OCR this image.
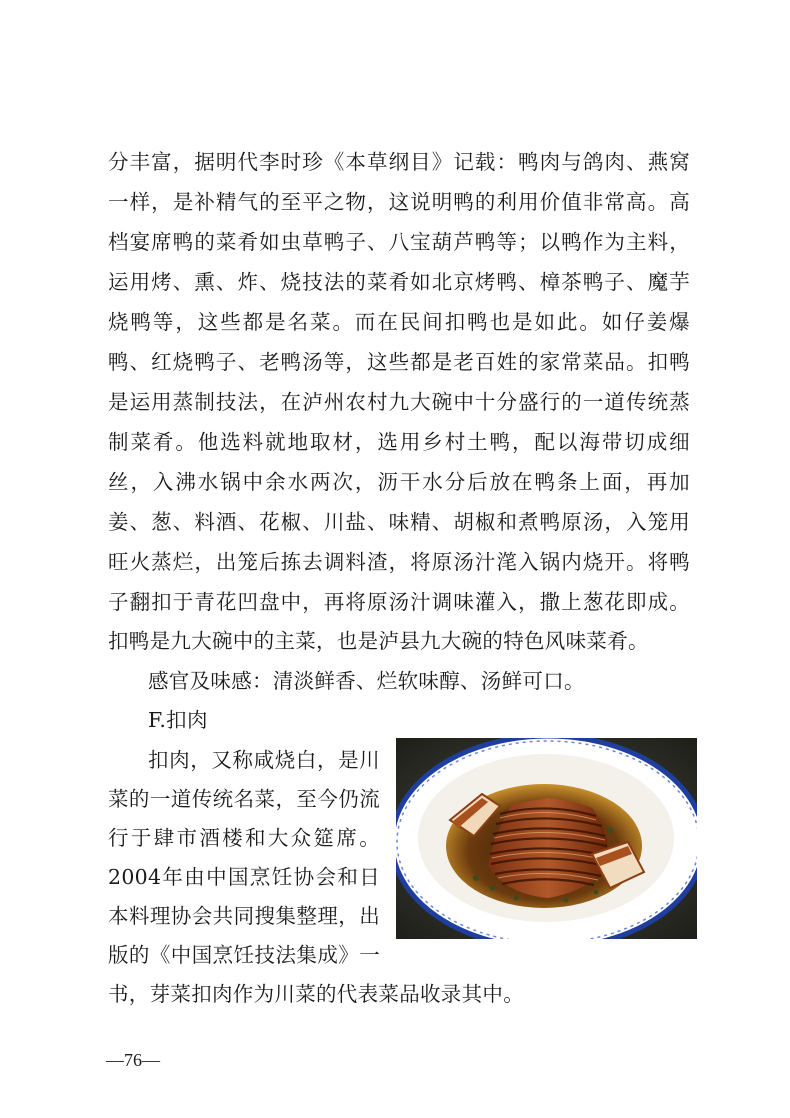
分丰富，据明代李时珍《本草纲目》记载：鸭肉与鸽肉、燕窝
一样，是补精气的至平之物，这说明鸭的利用价值非常高。高
档宴席鸭的菜肴如虫草鸭子、八宝葫芦鸭等；以鸭作为主料，
运用烤、熏、炸、烧技法的菜肴如北京烤鸭、樟茶鸭子、魔芋
烧鸭等，这些都是名菜。而在民间扣鸭也是如此。如仔姜爆
鸭、红烧鸭子、老鸭汤等，这些都是老百姓的家常菜品。扣鸭
是运用蒸制技法，在泸州农村九大碗中十分盛行的一道传统蒸
制菜肴。他选料就地取材，选用乡村土鸭，配以海带切成细
丝，入沸水锅中余水两次，沥干水分后放在鸭条上面，再加
姜、葱、料酒、花椒、川盐、味精、胡椒和煮鸭原汤，入笼用
旺火蒸烂，出笼后拣去调料渣，将原汤汁滗入锅内烧开。将鸭
子翻扣于青花凹盘中，再将原汤汁调味灌入，撒上葱花即成。
扣鸭是九大碗中的主菜，也是泸县九大碗的特色风味菜肴。
感官及味感：清淡鲜香、烂软味醇、汤鲜可口。
F.扣肉
扣肉，又称咸烧白，是川
菜的一道传统名菜，至今仍流
行于肆市酒楼和大众筵席。
2004年由中国烹饪协会和日
本料理协会共同搜集整理，出
版的《中国烹饪技法集成》一
书，芽菜扣肉作为川菜的代表菜品收录其中。
—76—
